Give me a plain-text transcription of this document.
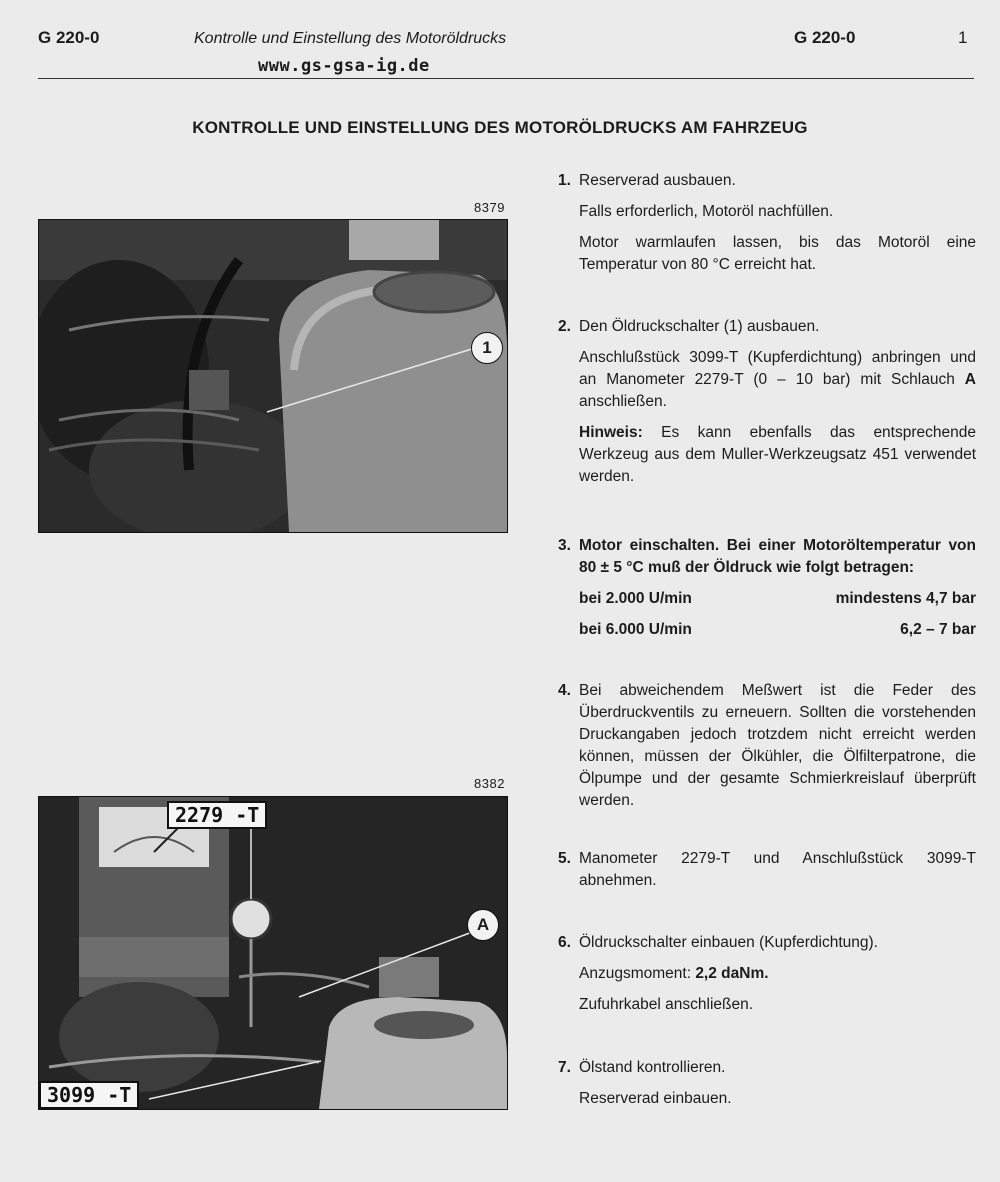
G 220-0	Kontrolle und Einstellung des Motoröldrucks	G 220-0	1
www.gs-gsa-ig.de
KONTROLLE UND EINSTELLUNG DES MOTORÖLDRUCKS AM FAHRZEUG
8379
1
8382
2279 -T
A
3099 -T
1. Reserverad ausbauen.

Falls erforderlich, Motoröl nachfüllen.

Motor warmlaufen lassen, bis das Motoröl eine Temperatur von 80 °C erreicht hat.

2. Den Öldruckschalter (1) ausbauen.

Anschlußstück 3099-T (Kupferdichtung) anbringen und an Manometer 2279-T (0 – 10 bar) mit Schlauch A anschließen.

Hinweis: Es kann ebenfalls das entsprechende Werkzeug aus dem Muller-Werkzeugsatz 451 verwendet werden.

3. Motor einschalten. Bei einer Motoröltemperatur von 80 ± 5 °C muß der Öldruck wie folgt betragen:

bei 2.000 U/min	mindestens 4,7 bar
bei 6.000 U/min	6,2 – 7 bar
4. Bei abweichendem Meßwert ist die Feder des Überdruckventils zu erneuern. Sollten die vorstehenden Druckangaben jedoch trotzdem nicht erreicht werden können, müssen der Ölkühler, die Ölfilterpatrone, die Ölpumpe und der gesamte Schmierkreislauf überprüft werden.

5. Manometer 2279-T und Anschlußstück 3099-T abnehmen.

6. Öldruckschalter einbauen (Kupferdichtung).

Anzugsmoment: 2,2 daNm.

Zufuhrkabel anschließen.

7. Ölstand kontrollieren.

Reserverad einbauen.
